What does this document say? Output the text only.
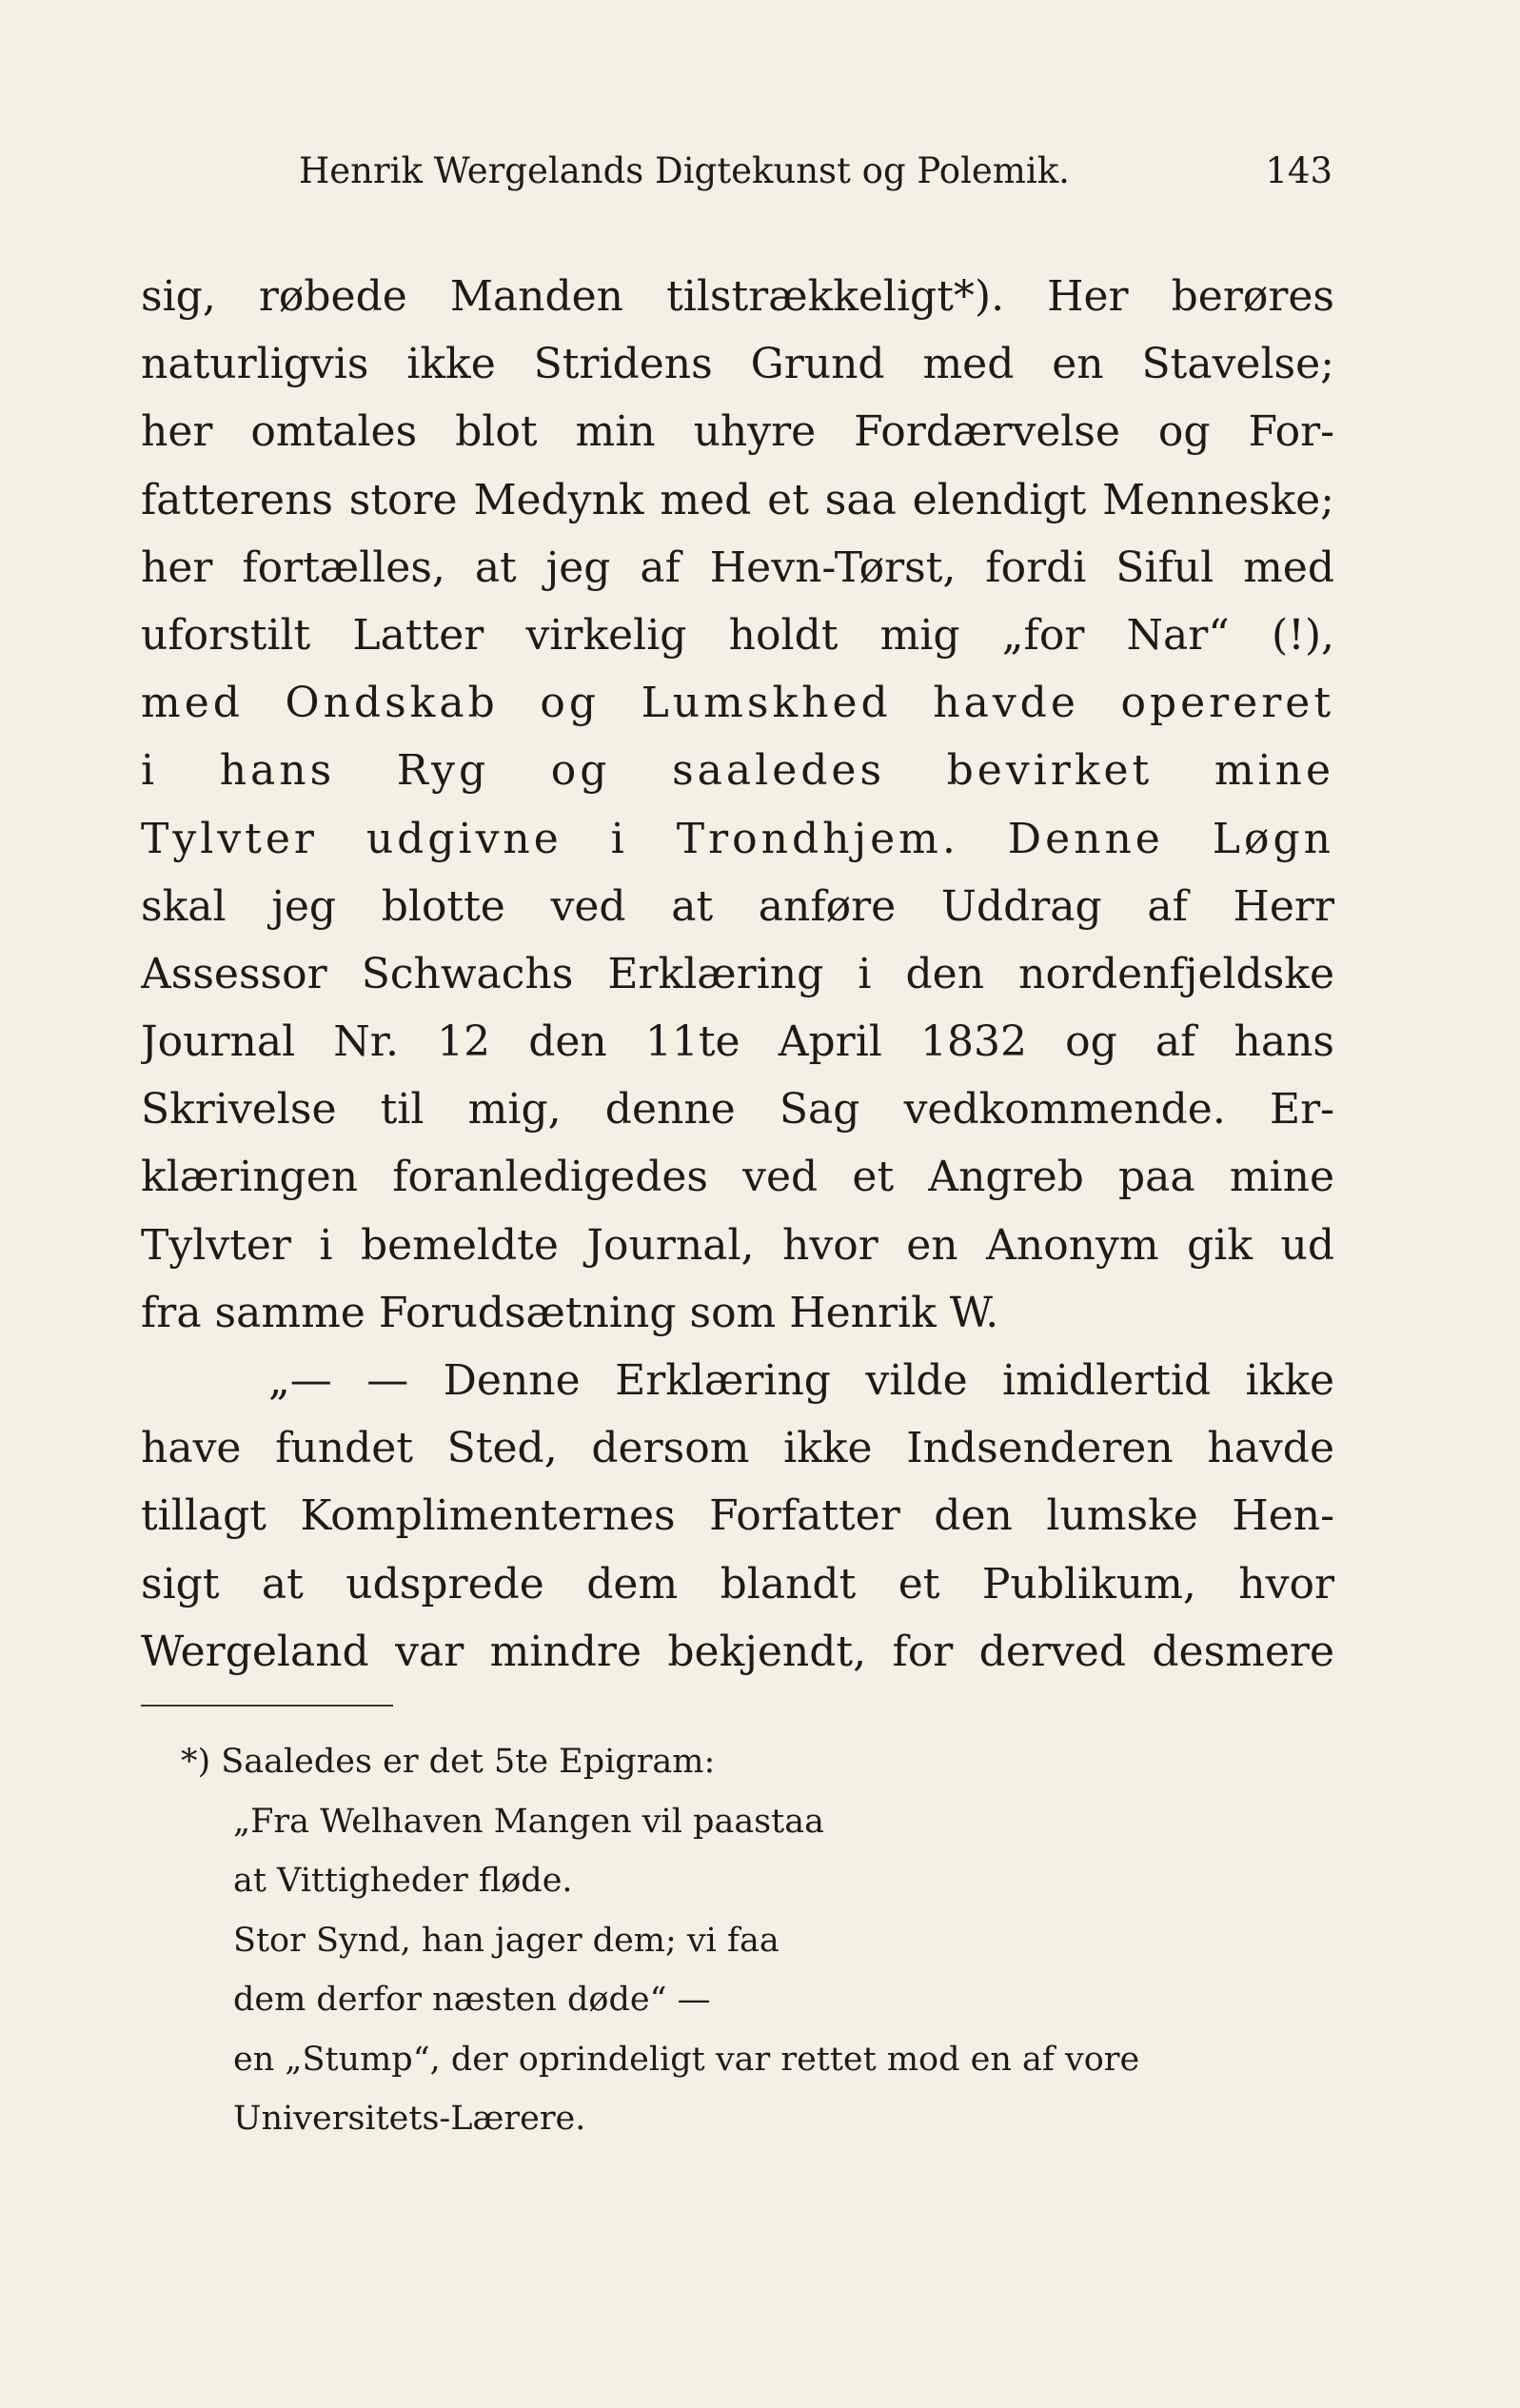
Henrik Wergelands Digtekunst og Polemik.	143
sig, røbede Manden tilstrækkeligt*). Her berøres
naturligvis ikke Stridens Grund med en Stavelse;
her omtales blot min uhyre Fordærvelse og For-
fatterens store Medynk med et saa elendigt Menneske;
her fortælles, at jeg af Hevn-Tørst, fordi Siful med
uforstilt Latter virkelig holdt mig „for Nar“ (!),
med Ondskab og Lumskhed havde opereret
i hans Ryg og saaledes bevirket mine
Tylvter udgivne i Trondhjem. Denne Løgn
skal jeg blotte ved at anføre Uddrag af Herr
Assessor Schwachs Erklæring i den nordenfjeldske
Journal Nr. 12 den 11te April 1832 og af hans
Skrivelse til mig, denne Sag vedkommende. Er-
klæringen foranledigedes ved et Angreb paa mine
Tylvter i bemeldte Journal, hvor en Anonym gik ud
fra samme Forudsætning som Henrik W.
„— — Denne Erklæring vilde imidlertid ikke
have fundet Sted, dersom ikke Indsenderen havde
tillagt Komplimenternes Forfatter den lumske Hen-
sigt at udsprede dem blandt et Publikum, hvor
Wergeland var mindre bekjendt, for derved desmere
*) Saaledes er det 5te Epigram:
„Fra Welhaven Mangen vil paastaa
at Vittigheder fløde.
Stor Synd, han jager dem; vi faa
dem derfor næsten døde“ —
en „Stump“, der oprindeligt var rettet mod en af vore
Universitets-Lærere.
